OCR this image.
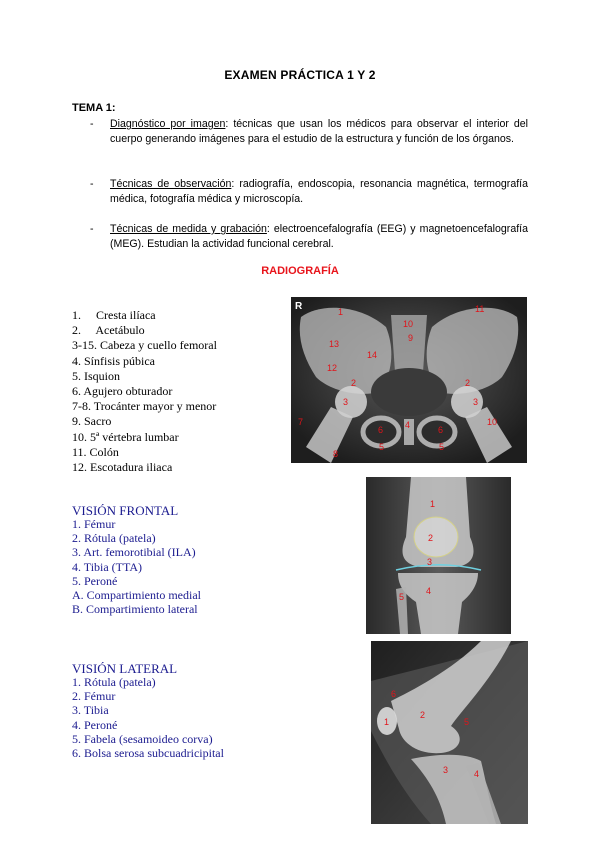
EXAMEN PRÁCTICA 1 Y 2
TEMA 1:
- Diagnóstico por imagen: técnicas que usan los médicos para observar el interior del cuerpo generando imágenes para el estudio de la estructura y función de los órganos.
- Técnicas de observación: radiografía, endoscopia, resonancia magnética, termografía médica, fotografía médica y microscopía.
- Técnicas de medida y grabación: electroencefalografía (EEG) y magnetoencefalografía (MEG). Estudian la actividad funcional cerebral.
RADIOGRAFÍA
1.     Cresta ilíaca
2.     Acetábulo
3-15. Cabeza y cuello femoral
4. Sínfisis púbica
5. Isquion
6. Agujero obturador
7-8. Trocánter mayor y menor
9. Sacro
10. 5ª vértebra lumbar
11. Colón
12. Escotadura iliaca
R	1
10
9
11
13
14
12
2	2
3	3
7	10
6 4	6
8
5	5
VISIÓN FRONTAL
1. Fémur
2. Rótula (patela)
3. Art. femorotibial (ILA)
4. Tibia (TTA)
5. Peroné
A. Compartimiento medial
B. Compartimiento lateral
1
2
3
4
5
VISIÓN LATERAL
1. Rótula (patela)
2. Fémur
3. Tibia
4. Peroné
5. Fabela (sesamoideo corva)
6. Bolsa serosa subcuadricipital
6
1
2
5
3	4
